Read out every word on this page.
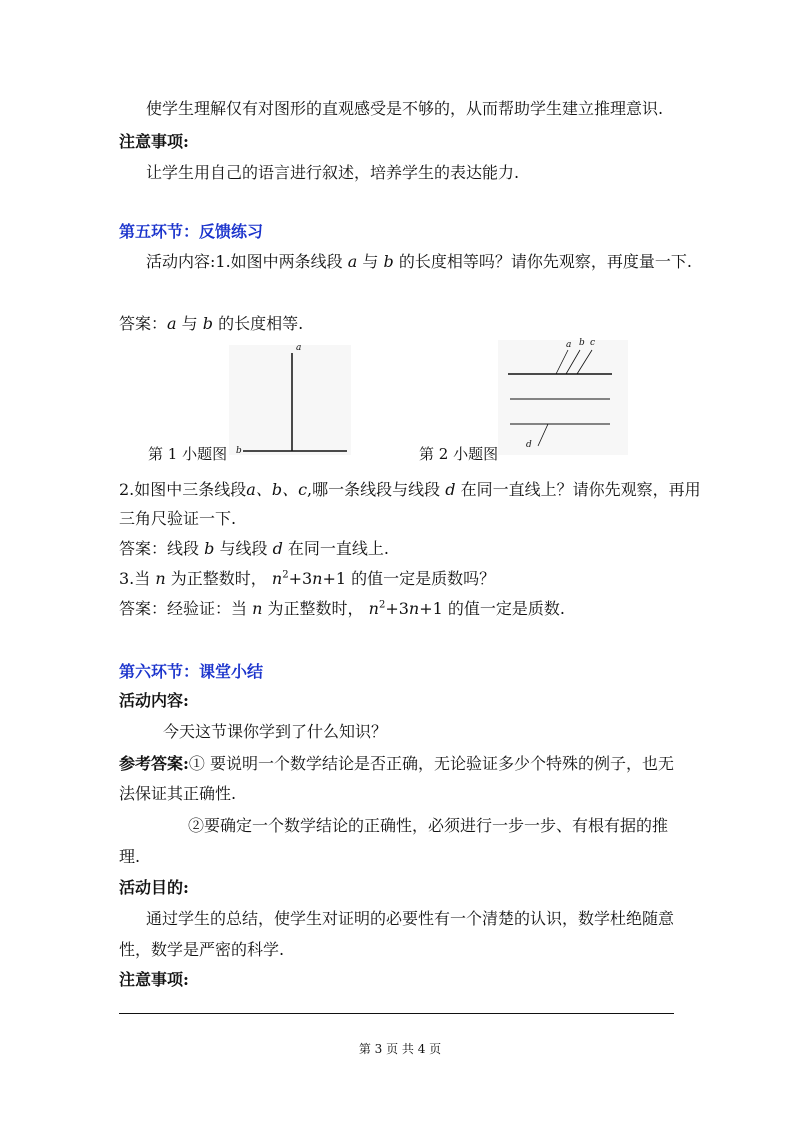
使学生理解仅有对图形的直观感受是不够的，从而帮助学生建立推理意识.
注意事项:
让学生用自己的语言进行叙述，培养学生的表达能力.
第五环节：反馈练习
活动内容:1.如图中两条线段 a 与 b 的长度相等吗？请你先观察，再度量一下.
答案：a 与 b 的长度相等.
a
b
第 1 小题图
a b c
d
第 2 小题图
2.如图中三条线段a、b、c,哪一条线段与线段 d 在同一直线上？请你先观察，再用
三角尺验证一下.
答案：线段 b 与线段 d 在同一直线上.
3.当 n 为正整数时， $n^2+3n+1$ 的值一定是质数吗？
答案：经验证：当 n 为正整数时， $n^2+3n+1$ 的值一定是质数.
第六环节：课堂小结
活动内容:
今天这节课你学到了什么知识？
参考答案:① 要说明一个数学结论是否正确，无论验证多少个特殊的例子，也无
法保证其正确性.
②要确定一个数学结论的正确性，必须进行一步一步、有根有据的推
理.
活动目的:
通过学生的总结，使学生对证明的必要性有一个清楚的认识，数学杜绝随意
性，数学是严密的科学.
注意事项:
第 3 页 共 4 页
